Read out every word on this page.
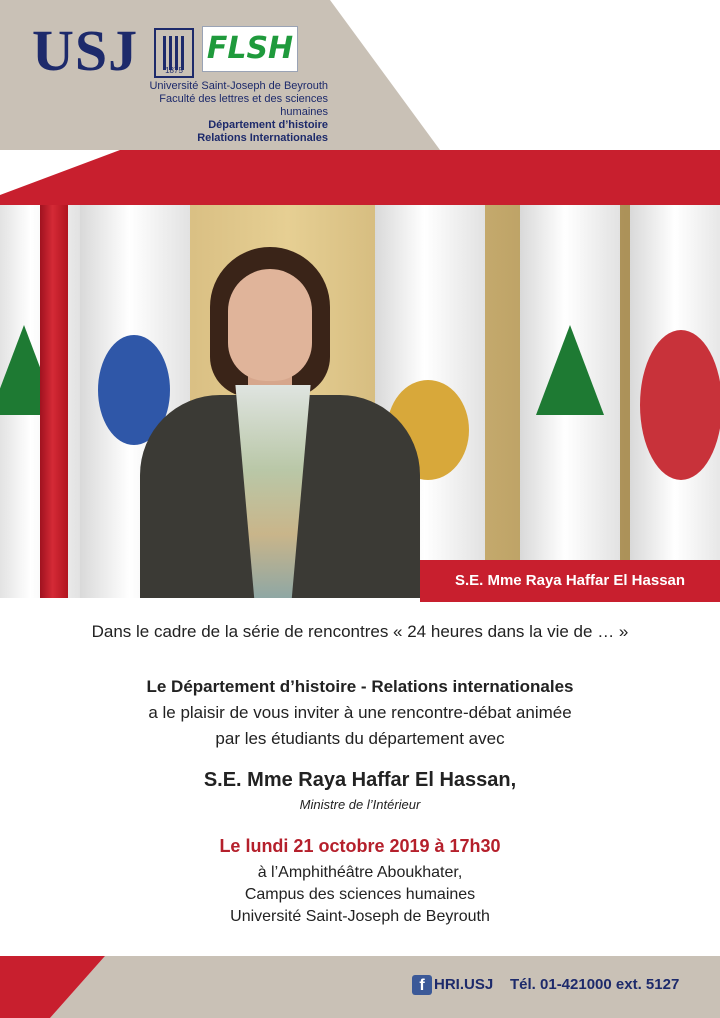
USJ	1875
FLSH
Université Saint-Joseph de Beyrouth
Faculté des lettres et des sciences humaines
Département d’histoire
Relations Internationales
S.E. Mme Raya Haffar El Hassan
Dans le cadre de la série de rencontres « 24 heures dans la vie de … »
Le Département d’histoire - Relations internationales
a le plaisir de vous inviter à une rencontre-débat animée
par les étudiants du département avec
S.E. Mme Raya Haffar El Hassan,
Ministre de l’Intérieur
Le lundi 21 octobre 2019 à 17h30
à l’Amphithéâtre Aboukhater,
Campus des sciences humaines
Université Saint-Joseph de Beyrouth
f HRI.USJ Tél. 01-421000 ext. 5127
